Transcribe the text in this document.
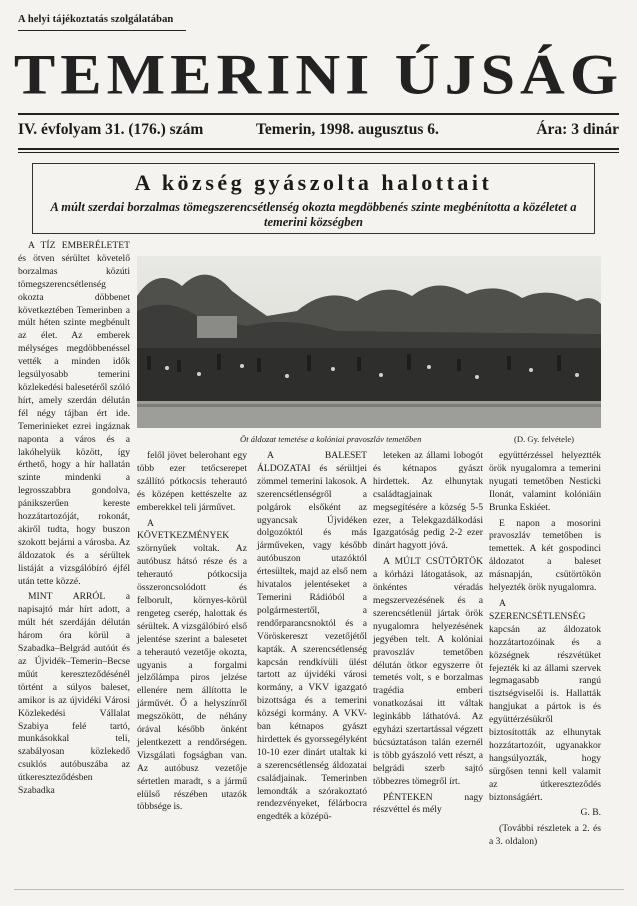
A helyi tájékoztatás szolgálatában
TEMERINI ÚJSÁG
IV. évfolyam 31. (176.) szám	Temerin, 1998. augusztus 6.	Ára: 3 dinár
A község gyászolta halottait
A múlt szerdai borzalmas tömegszerencsétlenség okozta megdöbbenés szinte megbénította a közéletet a temerini községben

A TÍZ EMBERÉLETET és ötven sérültet követelő borzalmas közúti tömegszerencsétlenség okozta döbbenet következtében Temerinben a múlt héten szinte megbénult az élet. Az emberek mélységes megdöbbenéssel vették a minden idők legsúlyosabb temerini közlekedési balesetéről szóló hírt, amely szerdán délután fél négy tájban ért ide. Temerinieket ezrei ingáznak naponta a város és a lakóhelyük között, így érthető, hogy a hír hallatán szinte mindenki a legrosszabbra gondolva, pánikszerűen kereste hozzátartozóját, rokonát, akiről tudta, hogy buszon szokott bejárni a városba. Az áldozatok és a sérültek listáját a vizsgálóbíró éjfél után tette közzé.

MINT ARRÓL a napisajtó már hírt adott, a múlt hét szerdáján délután három óra körül a Szabadka–Belgrád autóút és az Újvidék–Temerin–Becse műút kereszteződésénél történt a súlyos baleset, amikor is az újvidéki Városi Közlekedési Vállalat Szabiya felé tartó, munkásokkal teli, szabályosan közlekedő csuklós autóbuszába az útkereszteződésben Szabadka

Öt áldozat temetése a kolóniai pravoszláv temetőben	(D. Gy. felvétele)

felől jövet belerohant egy több ezer tetőcserepet szállító pótkocsis teherautó és középen kettészelte az emberekkel teli járművet.

A KÖVETKEZMÉNYEK szörnyűek voltak. Az autóbusz hátsó része és a teherautó pótkocsija összeroncsolódott és felborult, környes-körül rengeteg cserép, halottak és sérültek. A vizsgálóbíró első jelentése szerint a balesetet a teherautó vezetője okozta, ugyanis a forgalmi jelzőlámpa piros jelzése ellenére nem állította le járművét. Ő a helyszínről megszökött, de néhány órával később önként jelentkezett a rendőrségen. Vizsgálati fogságban van. Az autóbusz vezetője sértetlen maradt, s a jármű elülső részében utazók többsége is.

A BALESET ÁLDOZATAI és sérültjei zömmel temerini lakosok. A szerencsétlenségről a polgárok elsőként az ugyancsak Újvidéken dolgozóktól és más járműveken, vagy később autóbuszon utazóktól értesültek, majd az első nem hivatalos jelentéseket a Temerini Rádióból a polgármestertől, a rendőrparancsnoktól és a Vöröskereszt vezetőjétől kapták. A szerencsétlenség kapcsán rendkívüli ülést tartott az újvidéki városi kormány, a VKV igazgató bizottsága és a temerini községi kormány. A VKV-ban kétnapos gyászt hirdettek és gyorssegélyként 10-10 ezer dinárt utaltak ki a szerencsétlenség áldozatai családjainak. Temerinben lemondták a szórakoztató rendezvényeket, félárbocra engedték a középü-

leteken az állami lobogót és kétnapos gyászt hirdettek. Az elhunytak családtagjainak megsegítésére a község 5-5 ezer, a Telekgazdálkodási Igazgatóság pedig 2-2 ezer dinárt hagyott jóvá.

A MÚLT CSÜTÖRTÖK a kórházi látogatások, az önkéntes véradás megszervezésének és a szerencsétlenül jártak örök nyugalomra helyezésének jegyében telt. A kolóniai pravoszláv temetőben délután ötkor egyszerre öt temetés volt, s e borzalmas tragédia emberi vonatkozásai itt váltak leginkább láthatóvá. Az egyházi szertartással végzett búcsúztatáson talán ezernél is több gyászoló vett részt, a belgrádi szerb sajtó többezres tömegről írt.

PÉNTEKEN nagy részvéttel és mély

együttérzéssel helyeztték örök nyugalomra a temerini nyugati temetőben Nesticki Ilonát, valamint kolóniáin Brunka Eskiéet.

E napon a mosorini pravoszláv temetőben is temettek. A két gospodinci áldozatot a baleset másnapján, csütörtökön helyezték örök nyugalomra.

A SZERENCSÉTLENSÉG kapcsán az áldozatok hozzátartozóinak és a községnek részvétüket fejezték ki az állami szervek legmagasabb rangú tisztségviselői is. Hallatták hangjukat a pártok is és együttérzésükről biztosították az elhunytak hozzátartozóit, ugyanakkor hangsúlyozták, hogy sürgősen tenni kell valamit az útkereszteződés biztonságáért.

G. B.

(További részletek a 2. és a 3. oldalon)
